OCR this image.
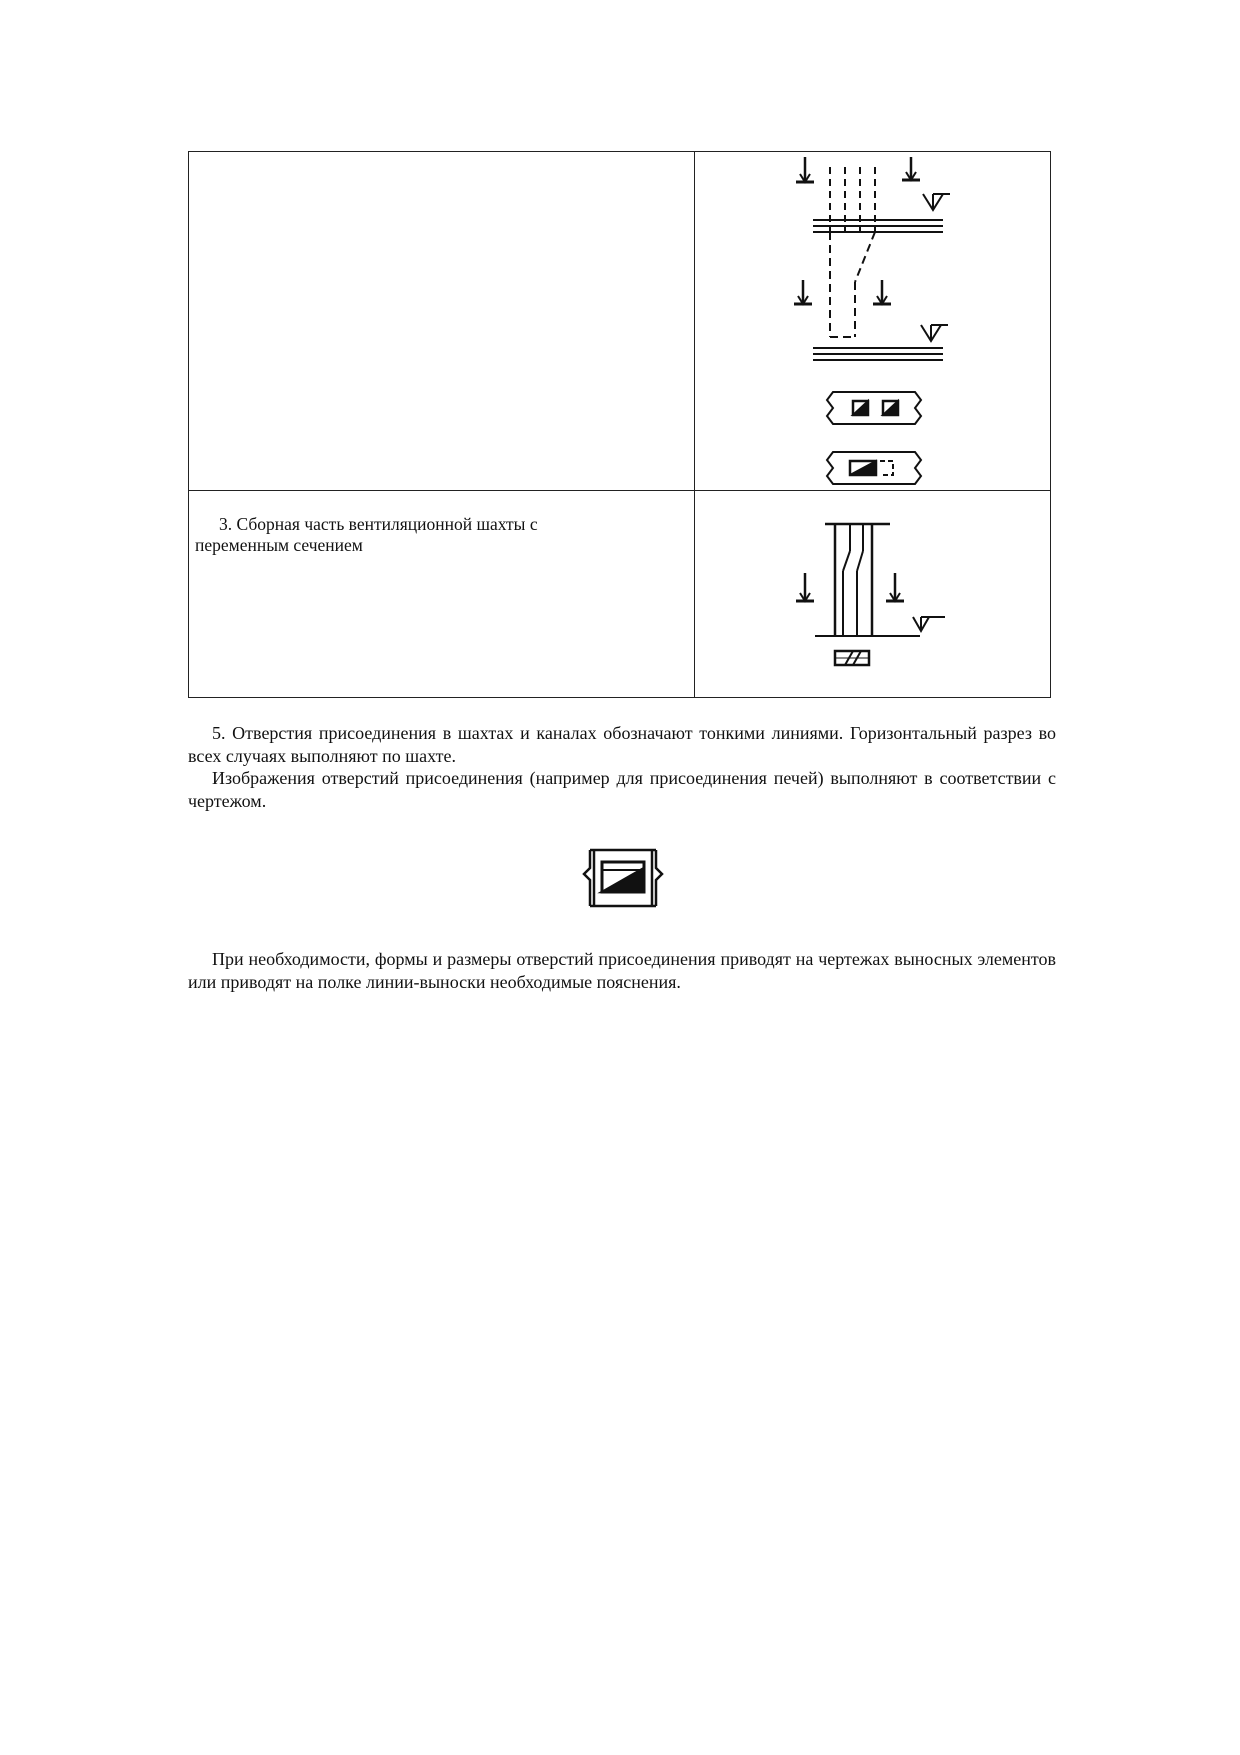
3. Сборная часть вентиляционной шахты с
переменным сечением	

5. Отверстия присоединения в шахтах и каналах обозначают тонкими линиями. Горизонтальный разрез во всех случаях выполняют по шахте.

Изображения отверстий присоединения (например для присоединения печей) выполняют в соответствии с чертежом.

При необходимости, формы и размеры отверстий присоединения приводят на чертежах выносных элементов или приводят на полке линии-выноски необходимые пояснения.
